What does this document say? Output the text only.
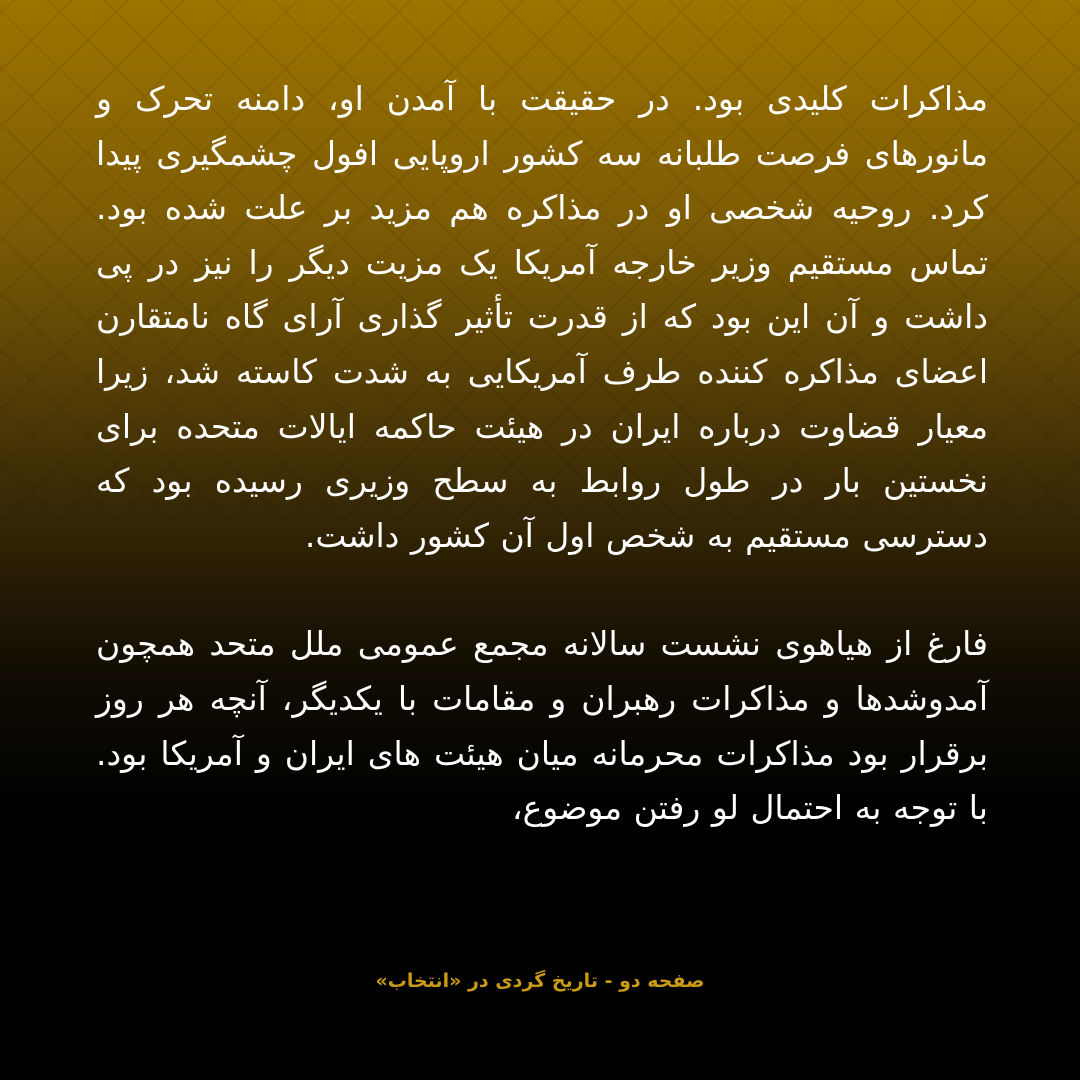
مذاکرات کلیدی بود. در حقیقت با آمدن او، دامنه تحرک و مانورهای فرصت طلبانه سه کشور اروپایی افول چشمگیری پیدا کرد. روحیه شخصی او در مذاکره هم مزید بر علت شده بود. تماس مستقیم وزیر خارجه آمریکا یک مزیت دیگر را نیز در پی داشت و آن این بود که از قدرت تأثیر گذاری آرای گاه نامتقارن اعضای مذاکره کننده طرف آمریکایی به شدت کاسته شد، زیرا معیار قضاوت درباره ایران در هیئت حاکمه ایالات متحده برای نخستین بار در طول روابط به سطح وزیری رسیده بود که دسترسی مستقیم به شخص اول آن کشور داشت.

فارغ از هیاهوی نشست سالانه مجمع عمومی ملل متحد همچون آمدوشدها و مذاکرات رهبران و مقامات با یکدیگر، آنچه هر روز برقرار بود مذاکرات محرمانه میان هیئت های ایران و آمریکا بود. با توجه به احتمال لو رفتن موضوع،

صفحه دو - تاریخ گردی در «انتخاب»
